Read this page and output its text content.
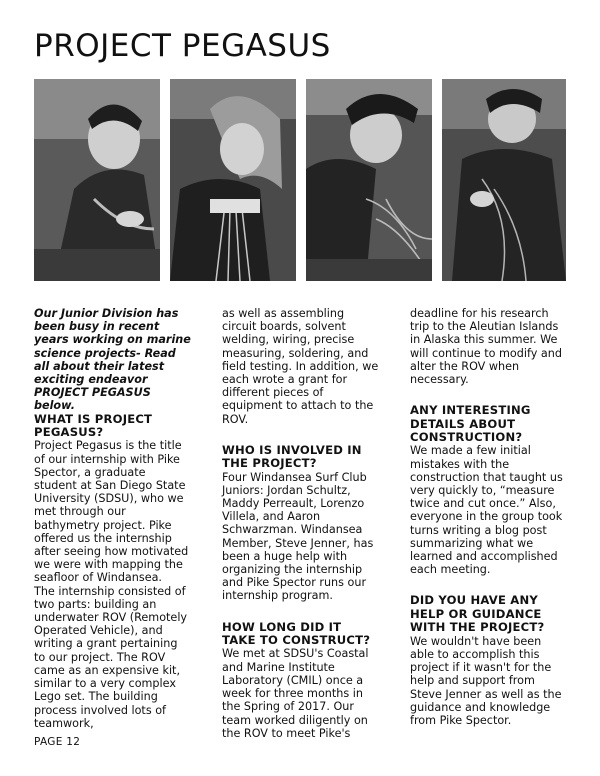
PROJECT PEGASUS

Our Junior Division has been busy in recent years working on marine science projects- Read all about their latest exciting endeavor PROJECT PEGASUS below.

WHAT IS PROJECT PEGASUS?

Project Pegasus is the title of our internship with Pike Spector, a graduate student at San Diego State University (SDSU), who we met through our bathymetry project. Pike offered us the internship after seeing how motivated we were with mapping the seafloor of Windansea.

The internship consisted of two parts: building an underwater ROV (Remotely Operated Vehicle), and writing a grant pertaining to our project. The ROV came as an expensive kit, similar to a very complex Lego set. The building process involved lots of teamwork,

as well as assembling circuit boards, solvent welding, wiring, precise measuring, soldering, and field testing. In addition, we each wrote a grant for different pieces of equipment to attach to the ROV.

WHO IS INVOLVED IN THE PROJECT?

Four Windansea Surf Club Juniors: Jordan Schultz, Maddy Perreault, Lorenzo Villela, and Aaron Schwarzman. Windansea Member, Steve Jenner, has been a huge help with organizing the internship and Pike Spector runs our internship program.

HOW LONG DID IT TAKE TO CONSTRUCT?

We met at SDSU's Coastal and Marine Institute Laboratory (CMIL) once a week for three months in the Spring of 2017. Our team worked diligently on the ROV to meet Pike's

deadline for his research trip to the Aleutian Islands in Alaska this summer. We will continue to modify and alter the ROV when necessary.

ANY INTERESTING DETAILS ABOUT CONSTRUCTION?

We made a few initial mistakes with the construction that taught us very quickly to, “measure twice and cut once.” Also, everyone in the group took turns writing a blog post summarizing what we learned and accomplished each meeting.

DID YOU HAVE ANY HELP OR GUIDANCE WITH THE PROJECT?

We wouldn't have been able to accomplish this project if it wasn't for the help and support from Steve Jenner as well as the guidance and knowledge from Pike Spector.

PAGE 12
